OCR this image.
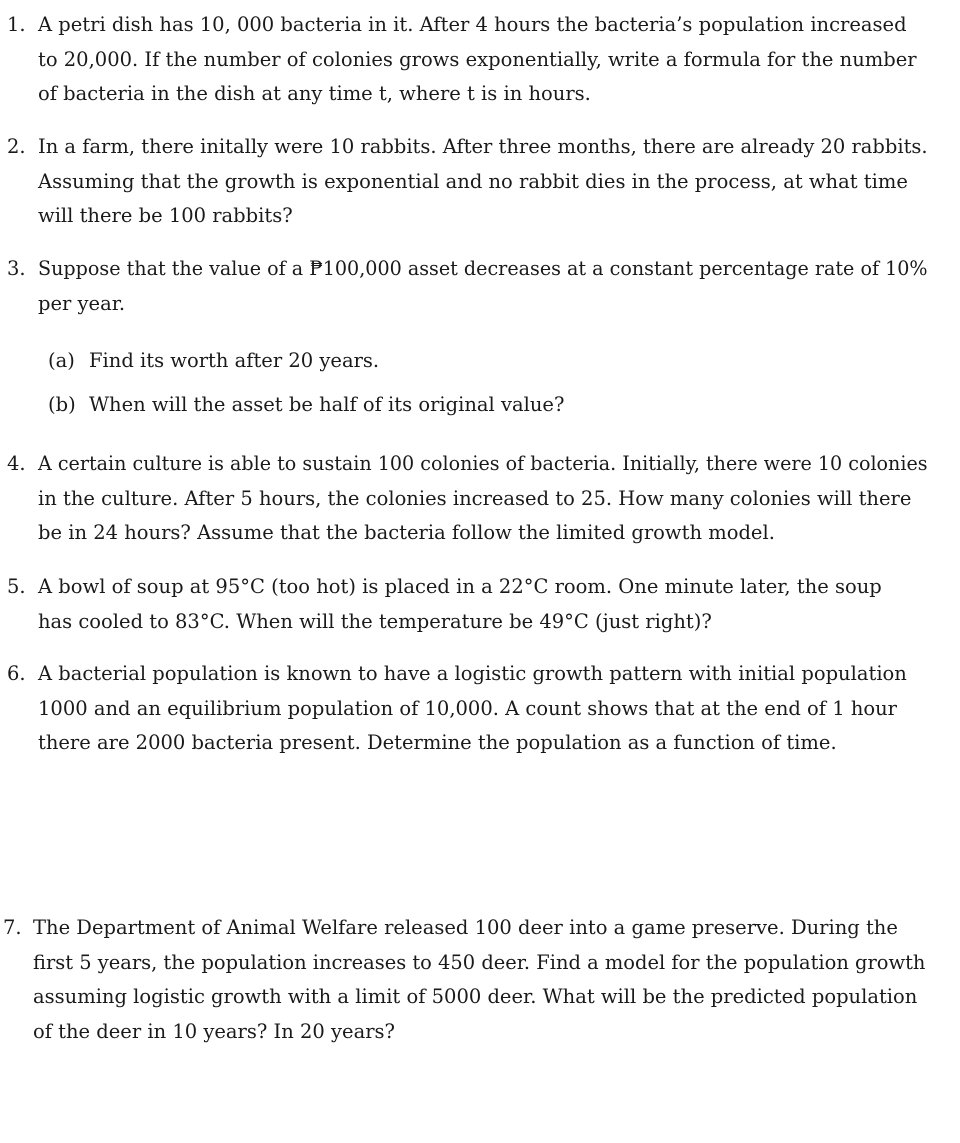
1. A petri dish has 10, 000 bacteria in it. After 4 hours the bacteria’s population increased
to 20,000. If the number of colonies grows exponentially, write a formula for the number
of bacteria in the dish at any time t, where t is in hours.
2. In a farm, there initally were 10 rabbits. After three months, there are already 20 rabbits.
Assuming that the growth is exponential and no rabbit dies in the process, at what time
will there be 100 rabbits?
3. Suppose that the value of a ₱100,000 asset decreases at a constant percentage rate of 10%
per year.
(a) Find its worth after 20 years.
(b) When will the asset be half of its original value?
4. A certain culture is able to sustain 100 colonies of bacteria. Initially, there were 10 colonies
in the culture. After 5 hours, the colonies increased to 25. How many colonies will there
be in 24 hours? Assume that the bacteria follow the limited growth model.
5. A bowl of soup at 95°C (too hot) is placed in a 22°C room. One minute later, the soup
has cooled to 83°C. When will the temperature be 49°C (just right)?
6. A bacterial population is known to have a logistic growth pattern with initial population
1000 and an equilibrium population of 10,000. A count shows that at the end of 1 hour
there are 2000 bacteria present. Determine the population as a function of time.
7. The Department of Animal Welfare released 100 deer into a game preserve. During the
first 5 years, the population increases to 450 deer. Find a model for the population growth
assuming logistic growth with a limit of 5000 deer. What will be the predicted population
of the deer in 10 years? In 20 years?
